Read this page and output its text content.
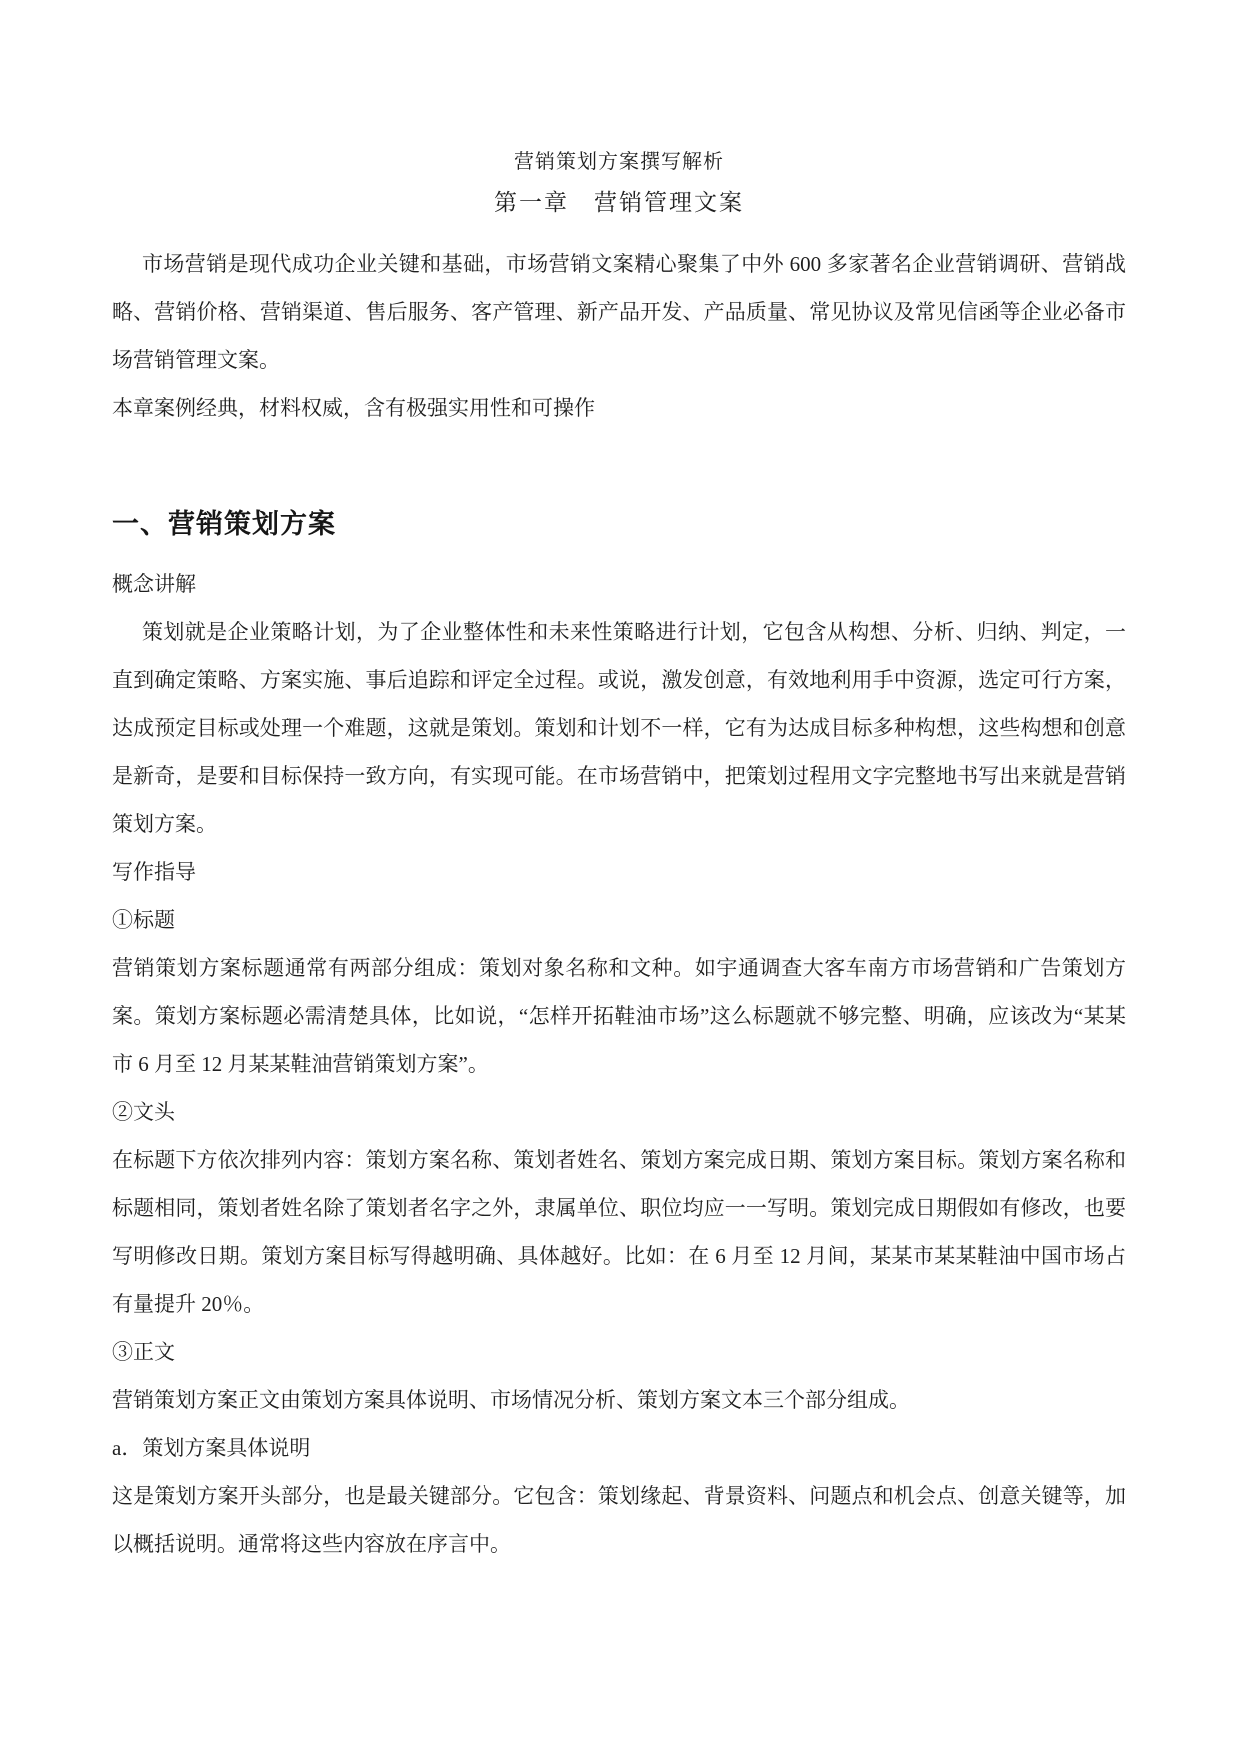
营销策划方案撰写解析

第一章　营销管理文案

市场营销是现代成功企业关键和基础，市场营销文案精心聚集了中外 600 多家著名企业营销调研、营销战略、营销价格、营销渠道、售后服务、客产管理、新产品开发、产品质量、常见协议及常见信函等企业必备市场营销管理文案。

本章案例经典，材料权威，含有极强实用性和可操作

一、营销策划方案

概念讲解

策划就是企业策略计划，为了企业整体性和未来性策略进行计划，它包含从构想、分析、归纳、判定，一直到确定策略、方案实施、事后追踪和评定全过程。或说，激发创意，有效地利用手中资源，选定可行方案，达成预定目标或处理一个难题，这就是策划。策划和计划不一样，它有为达成目标多种构想，这些构想和创意是新奇，是要和目标保持一致方向，有实现可能。在市场营销中，把策划过程用文字完整地书写出来就是营销策划方案。

写作指导

①标题

营销策划方案标题通常有两部分组成：策划对象名称和文种。如宇通调查大客车南方市场营销和广告策划方案。策划方案标题必需清楚具体，比如说，“怎样开拓鞋油市场”这么标题就不够完整、明确，应该改为“某某市 6 月至 12 月某某鞋油营销策划方案”。

②文头

在标题下方依次排列内容：策划方案名称、策划者姓名、策划方案完成日期、策划方案目标。策划方案名称和标题相同，策划者姓名除了策划者名字之外，隶属单位、职位均应一一写明。策划完成日期假如有修改，也要写明修改日期。策划方案目标写得越明确、具体越好。比如：在 6 月至 12 月间，某某市某某鞋油中国市场占有量提升 20％。

③正文

营销策划方案正文由策划方案具体说明、市场情况分析、策划方案文本三个部分组成。

a．策划方案具体说明

这是策划方案开头部分，也是最关键部分。它包含：策划缘起、背景资料、问题点和机会点、创意关键等，加以概括说明。通常将这些内容放在序言中。
